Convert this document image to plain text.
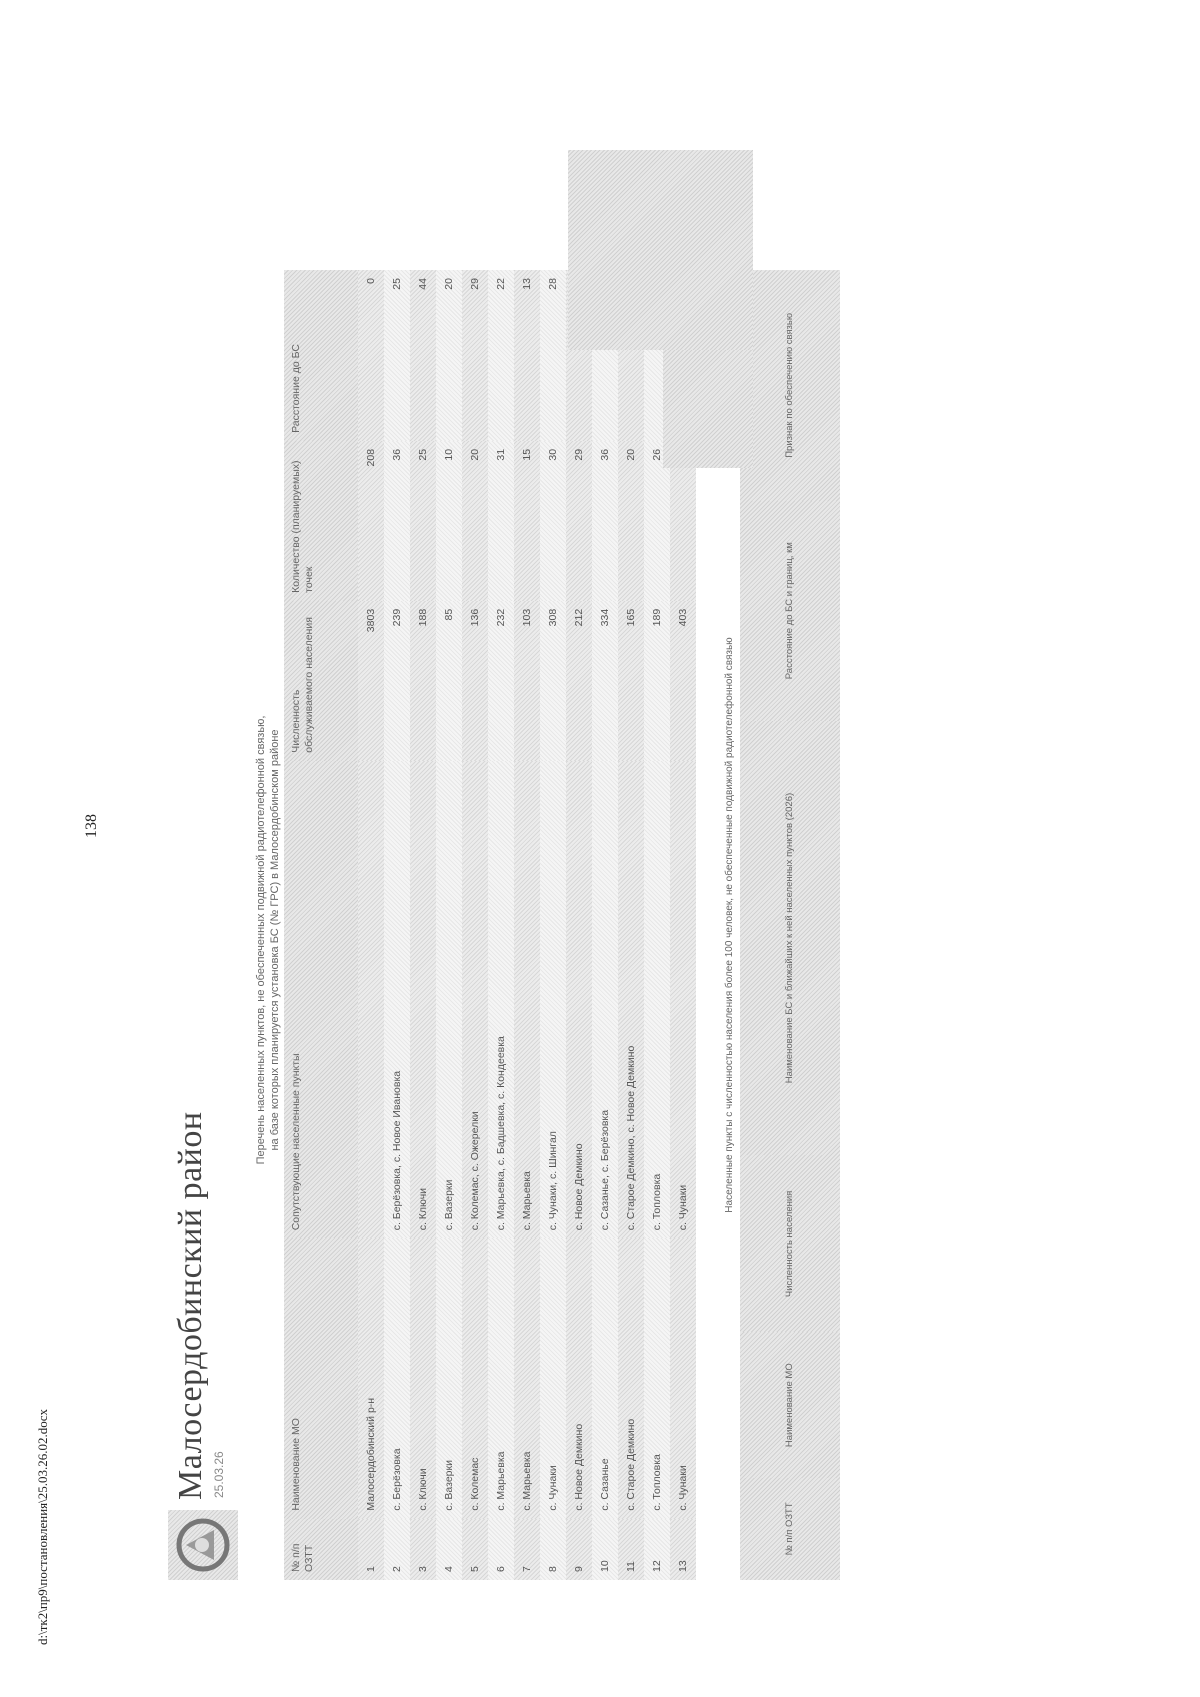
138
d:\тк2\пр9\постановления\25.03.26.02.docx
Малосердобинский район 25.03.26
Перечень населенных пунктов, не обеспеченных подвижной радиотелефонной связью, на базе которых планируется установка БС (№ ГРС) в Малосердобинском районе
№ п/п ОЗТТ	Наименование МО	Сопутствующие населенные пункты	Численность обслуживаемого населения	Количество (планируемых) точек	Расстояние до БС
1	Малосердобинский р-н		3803	208	0
2	с. Берёзовка	с. Берёзовка, с. Новое Ивановка	239	36	25
3	с. Ключи	с. Ключи	188	25	44
4	с. Вазерки	с. Вазерки	85	10	20
5	с. Колемас	с. Колемас, с. Ожерелки	136	20	29
6	с. Марьевка	с. Марьевка, с. Бадшевка, с. Кондеевка	232	31	22
7	с. Марьевка	с. Марьевка	103	15	13
8	с. Чунаки	с. Чунаки, с. Шингал	308	30	28
9	с. Новое Демкино	с. Новое Демкино	212	29	
10	с. Сазанье	с. Сазанье, с. Берёзовка	334	36	
11	с. Старое Демкино	с. Старое Демкино, с. Новое Демкино	165	20	
12	с. Топловка	с. Топловка	189	26	
13	с. Чунаки	с. Чунаки	403		
Населенные пункты с численностью населения более 100 человек, не обеспеченные подвижной радиотелефонной связью
№ п/п ОЗТТ	Наименование МО	Численность населения	Наименование БС и ближайших к ней населенных пунктов (2026)	Расстояние до БС и границ, км	Признак по обеспечению связью
